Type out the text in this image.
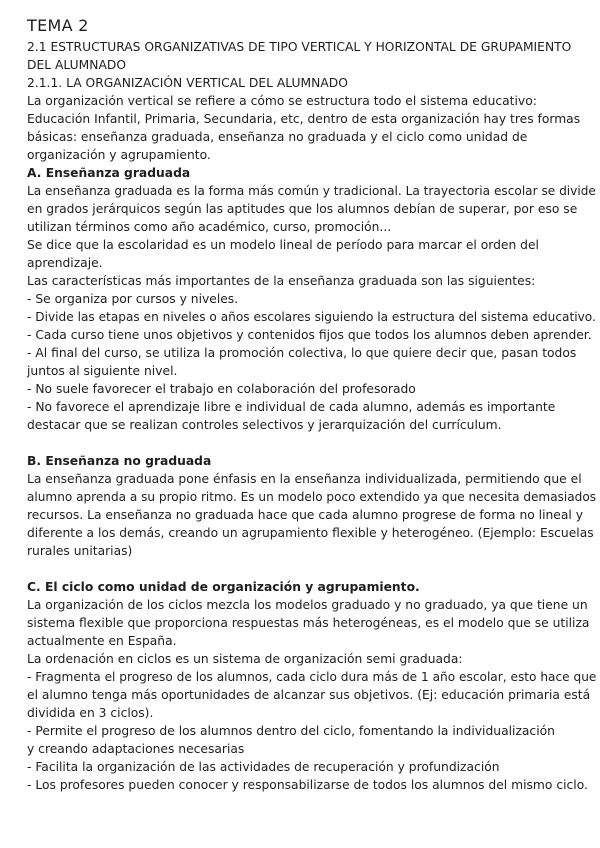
TEMA 2
2.1 ESTRUCTURAS ORGANIZATIVAS DE TIPO VERTICAL Y HORIZONTAL DE GRUPAMIENTO
DEL ALUMNADO
2.1.1. LA ORGANIZACIÓN VERTICAL DEL ALUMNADO
La organización vertical se refiere a cómo se estructura todo el sistema educativo:
Educación Infantil, Primaria, Secundaria, etc, dentro de esta organización hay tres formas
básicas: enseñanza graduada, enseñanza no graduada y el ciclo como unidad de
organización y agrupamiento.
A. Enseñanza graduada
La enseñanza graduada es la forma más común y tradicional. La trayectoria escolar se divide
en grados jerárquicos según las aptitudes que los alumnos debían de superar, por eso se
utilizan términos como año académico, curso, promoción...
Se dice que la escolaridad es un modelo lineal de período para marcar el orden del
aprendizaje.
Las características más importantes de la enseñanza graduada son las siguientes:
- Se organiza por cursos y niveles.
- Divide las etapas en niveles o años escolares siguiendo la estructura del sistema educativo.
- Cada curso tiene unos objetivos y contenidos fijos que todos los alumnos deben aprender.
- Al final del curso, se utiliza la promoción colectiva, lo que quiere decir que, pasan todos
juntos al siguiente nivel.
- No suele favorecer el trabajo en colaboración del profesorado
- No favorece el aprendizaje libre e individual de cada alumno, además es importante
destacar que se realizan controles selectivos y jerarquización del currículum.
B. Enseñanza no graduada
La enseñanza graduada pone énfasis en la enseñanza individualizada, permitiendo que el
alumno aprenda a su propio ritmo. Es un modelo poco extendido ya que necesita demasiados
recursos. La enseñanza no graduada hace que cada alumno progrese de forma no lineal y
diferente a los demás, creando un agrupamiento flexible y heterogéneo. (Ejemplo: Escuelas
rurales unitarias)
C. El ciclo como unidad de organización y agrupamiento.
La organización de los ciclos mezcla los modelos graduado y no graduado, ya que tiene un
sistema flexible que proporciona respuestas más heterogéneas, es el modelo que se utiliza
actualmente en España.
La ordenación en ciclos es un sistema de organización semi graduada:
- Fragmenta el progreso de los alumnos, cada ciclo dura más de 1 año escolar, esto hace que
el alumno tenga más oportunidades de alcanzar sus objetivos. (Ej: educación primaria está
dividida en 3 ciclos).
- Permite el progreso de los alumnos dentro del ciclo, fomentando la individualización
y creando adaptaciones necesarias
- Facilita la organización de las actividades de recuperación y profundización
- Los profesores pueden conocer y responsabilizarse de todos los alumnos del mismo ciclo.
